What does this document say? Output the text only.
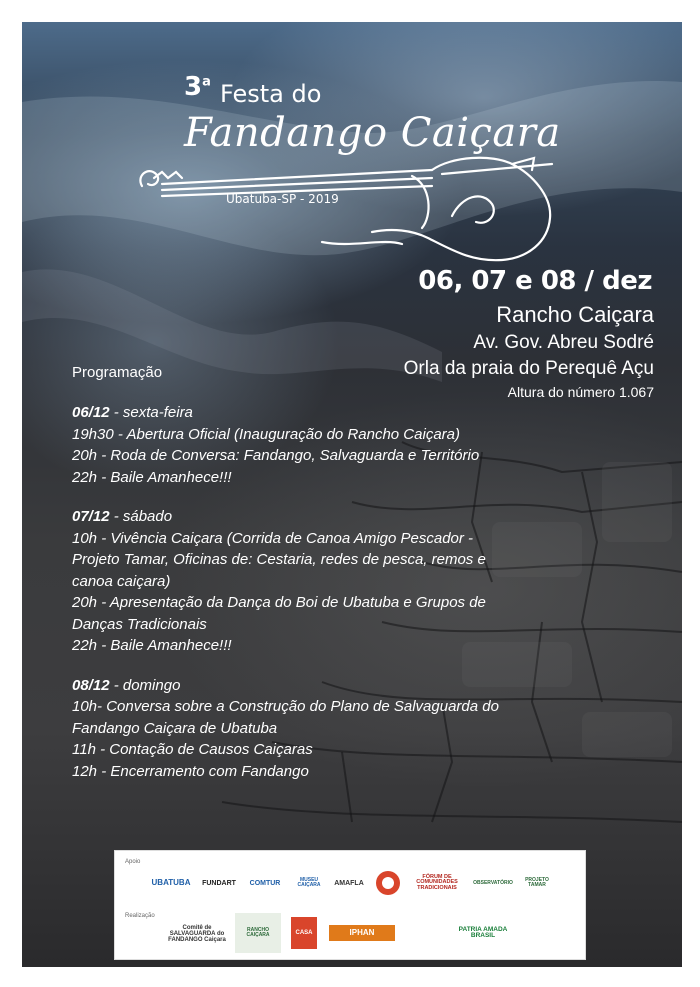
3$^a$ Festa do
Fandango Caiçara
Ubatuba-SP - 2019
06, 07 e 08 / dez
Rancho Caiçara
Av. Gov. Abreu Sodré
Orla da praia do Perequê Açu
Altura do número 1.067
Programação
06/12 - sexta-feira
19h30 - Abertura Oficial (Inauguração do Rancho Caiçara)
20h - Roda de Conversa: Fandango, Salvaguarda e Território
22h - Baile Amanhece!!!
07/12 - sábado
10h - Vivência Caiçara (Corrida de Canoa Amigo Pescador - Projeto Tamar, Oficinas de: Cestaria, redes de pesca, remos e canoa caiçara)
20h - Apresentação da Dança do Boi de Ubatuba e Grupos de Danças Tradicionais
22h - Baile Amanhece!!!
08/12 - domingo
10h- Conversa sobre a Construção do Plano de Salvaguarda do Fandango Caiçara de Ubatuba
11h - Contação de Causos Caiçaras
12h - Encerramento com Fandango
Apoio
Realização
UBATUBA FUNDART COMTUR	MUSEU CAIÇARA	AMAFLA
FÓRUM DE COMUNIDADES TRADICIONAIS
OBSERVATÓRIO	PROJETO TAMAR
Comitê de SALVAGUARDA do FANDANGO Caiçara
RANCHO CAIÇARA	CASA	IPHAN	PATRIA AMADA BRASIL
